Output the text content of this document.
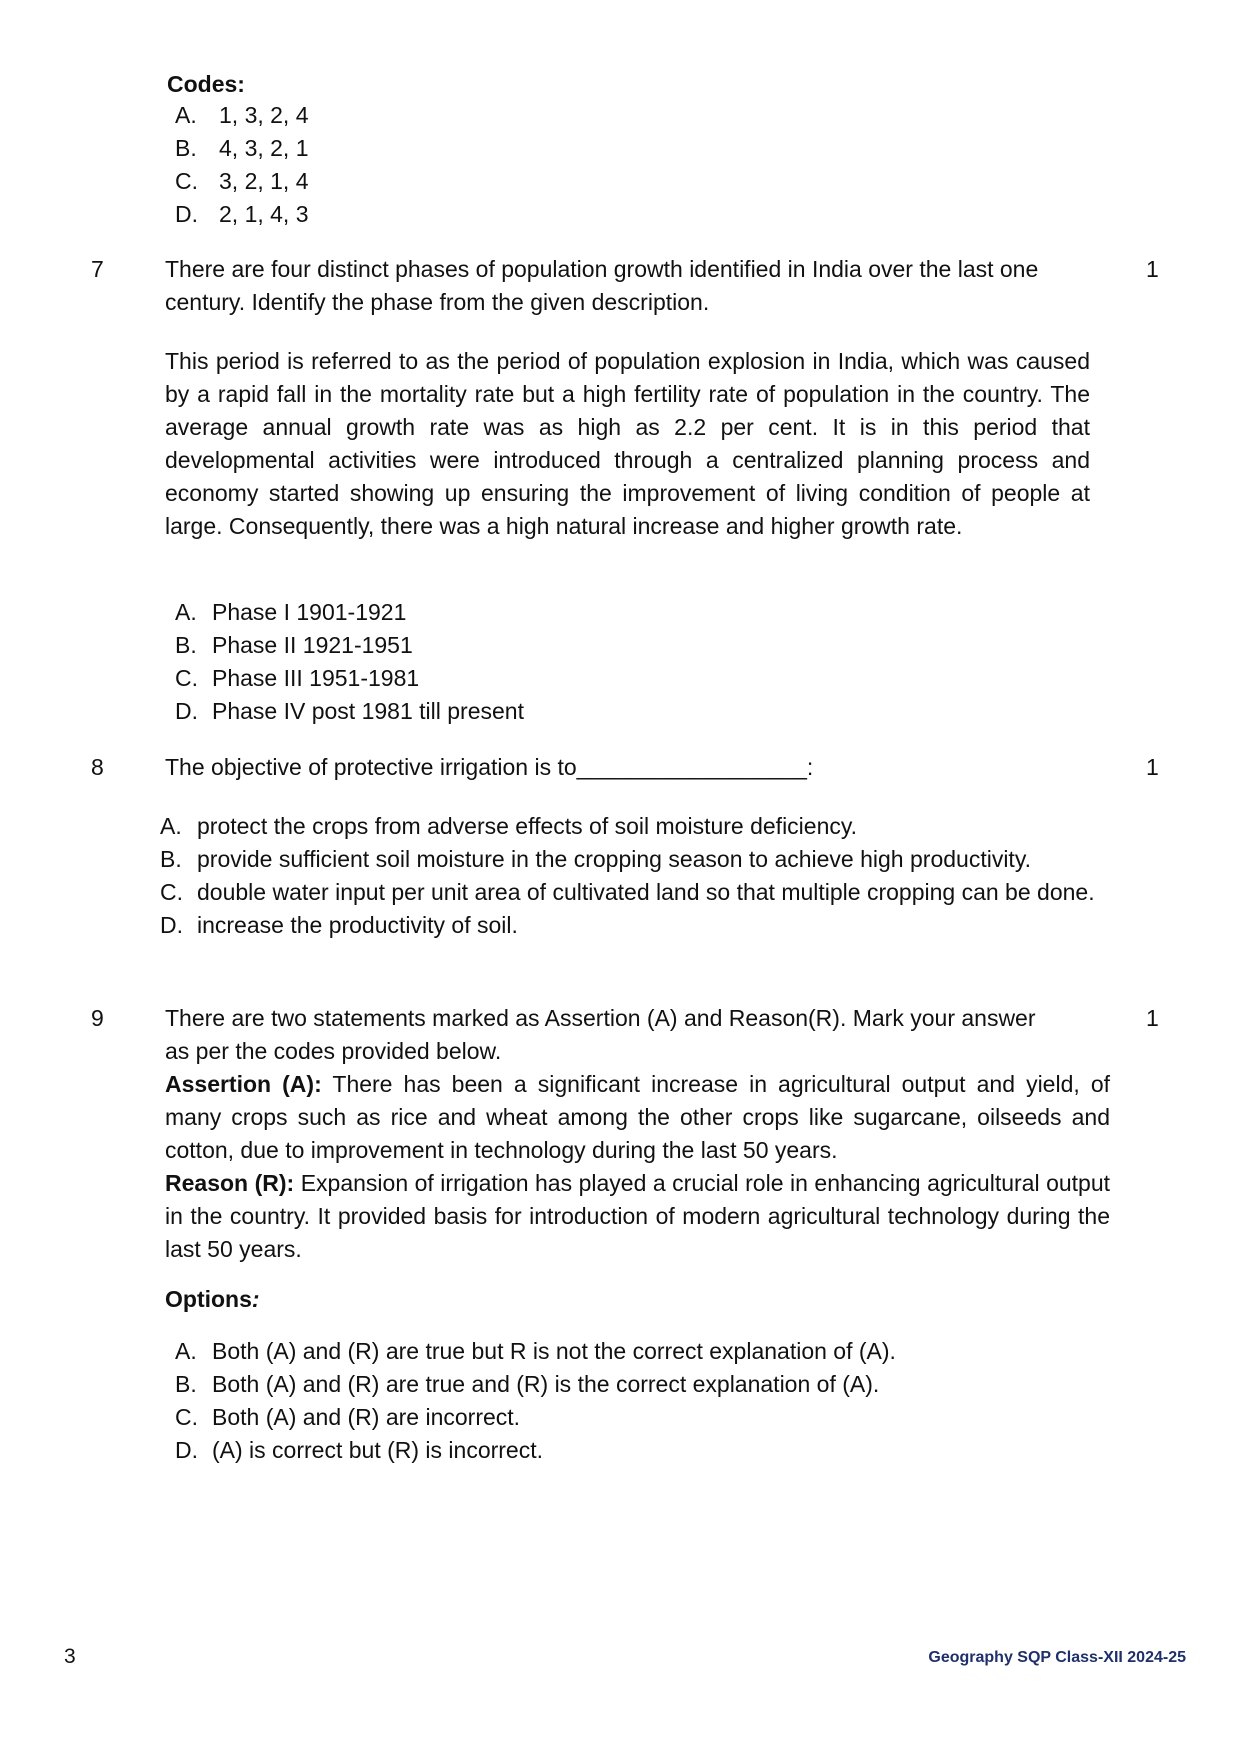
Codes:
A. 1, 3, 2, 4
B. 4, 3, 2, 1
C. 3, 2, 1, 4
D. 2, 1, 4, 3
7	1
There are four distinct phases of population growth identified in India over the last one century. Identify the phase from the given description.
This period is referred to as the period of population explosion in India, which was caused by a rapid fall in the mortality rate but a high fertility rate of population in the country. The average annual growth rate was as high as 2.2 per cent. It is in this period that developmental activities were introduced through a centralized planning process and economy started showing up ensuring the improvement of living condition of people at large. Consequently, there was a high natural increase and higher growth rate.
A. Phase I 1901-1921
B. Phase II 1921-1951
C. Phase III 1951-1981
D. Phase IV post 1981 till present
8	1
The objective of protective irrigation is to__________________:
A. protect the crops from adverse effects of soil moisture deficiency.
B. provide sufficient soil moisture in the cropping season to achieve high productivity.
C. double water input per unit area of cultivated land so that multiple cropping can be done.
D. increase the productivity of soil.
9	1
There are two statements marked as Assertion (A) and Reason(R). Mark your answer as per the codes provided below.
Assertion (A): There has been a significant increase in agricultural output and yield, of many crops such as rice and wheat among the other crops like sugarcane, oilseeds and cotton, due to improvement in technology during the last 50 years.
Reason (R): Expansion of irrigation has played a crucial role in enhancing agricultural output in the country. It provided basis for introduction of modern agricultural technology during the last 50 years.
Options:
A. Both (A) and (R) are true but R is not the correct explanation of (A).
B. Both (A) and (R) are true and (R) is the correct explanation of (A).
C. Both (A) and (R) are incorrect.
D. (A) is correct but (R) is incorrect.
3	Geography SQP Class-XII 2024-25
